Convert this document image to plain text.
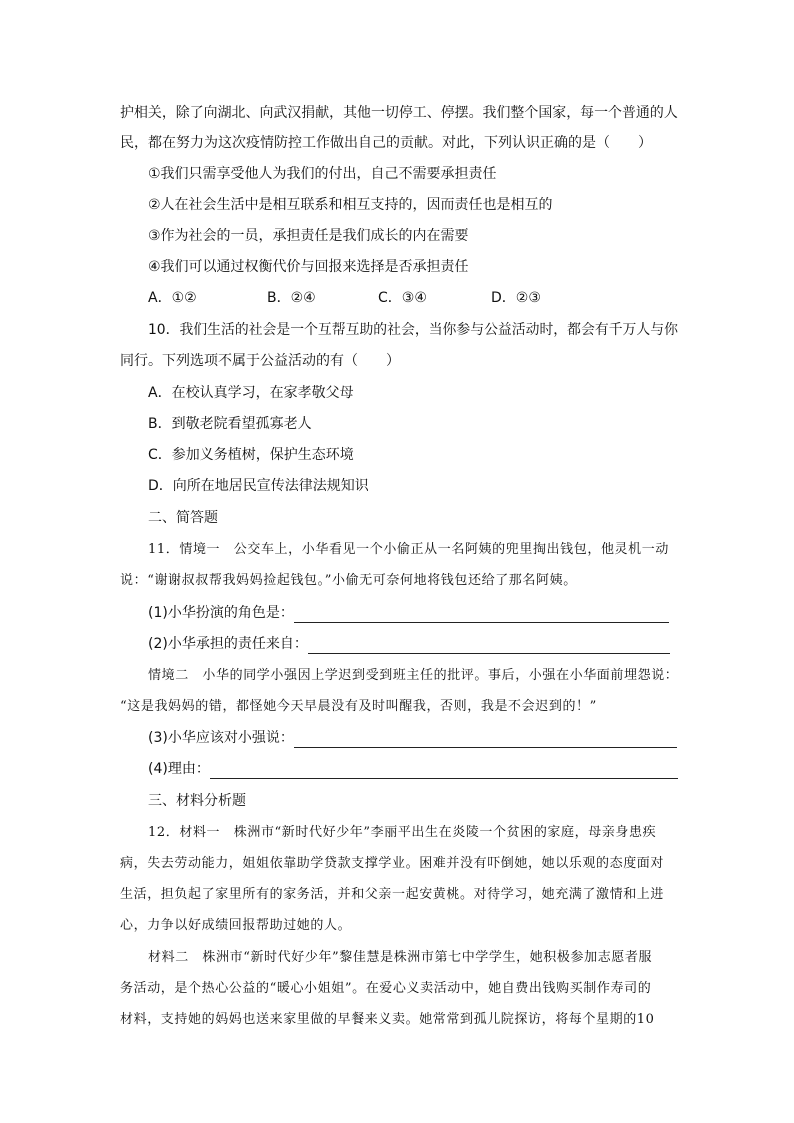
护相关，除了向湖北、向武汉捐献，其他一切停工、停摆。我们整个国家，每一个普通的人
民，都在努力为这次疫情防控工作做出自己的贡献。对此，下列认识正确的是（　　）
①我们只需享受他人为我们的付出，自己不需要承担责任
②人在社会生活中是相互联系和相互支持的，因而责任也是相互的
③作为社会的一员，承担责任是我们成长的内在需要
④我们可以通过权衡代价与回报来选择是否承担责任
A．①②	B．②④	C．③④	D．②③
10．我们生活的社会是一个互帮互助的社会，当你参与公益活动时，都会有千万人与你
同行。下列选项不属于公益活动的有（　　）
A．在校认真学习，在家孝敬父母
B．到敬老院看望孤寡老人
C．参加义务植树，保护生态环境
D．向所在地居民宣传法律法规知识
二、简答题
11．情境一　公交车上，小华看见一个小偷正从一名阿姨的兜里掏出钱包，他灵机一动
说：“谢谢叔叔帮我妈妈捡起钱包。”小偷无可奈何地将钱包还给了那名阿姨。
(1)小华扮演的角色是：
(2)小华承担的责任来自：
情境二　小华的同学小强因上学迟到受到班主任的批评。事后，小强在小华面前埋怨说：
“这是我妈妈的错，都怪她今天早晨没有及时叫醒我，否则，我是不会迟到的！”
(3)小华应该对小强说：
(4)理由：
三、材料分析题
12．材料一　株洲市“新时代好少年”李丽平出生在炎陵一个贫困的家庭，母亲身患疾
病，失去劳动能力，姐姐依靠助学贷款支撑学业。困难并没有吓倒她，她以乐观的态度面对
生活，担负起了家里所有的家务活，并和父亲一起安黄桃。对待学习，她充满了激情和上进
心，力争以好成绩回报帮助过她的人。
材料二　株洲市“新时代好少年”黎佳慧是株洲市第七中学学生，她积极参加志愿者服
务活动，是个热心公益的“暖心小姐姐”。在爱心义卖活动中，她自费出钱购买制作寿司的
材料，支持她的妈妈也送来家里做的早餐来义卖。她常常到孤儿院探访，将每个星期的10
